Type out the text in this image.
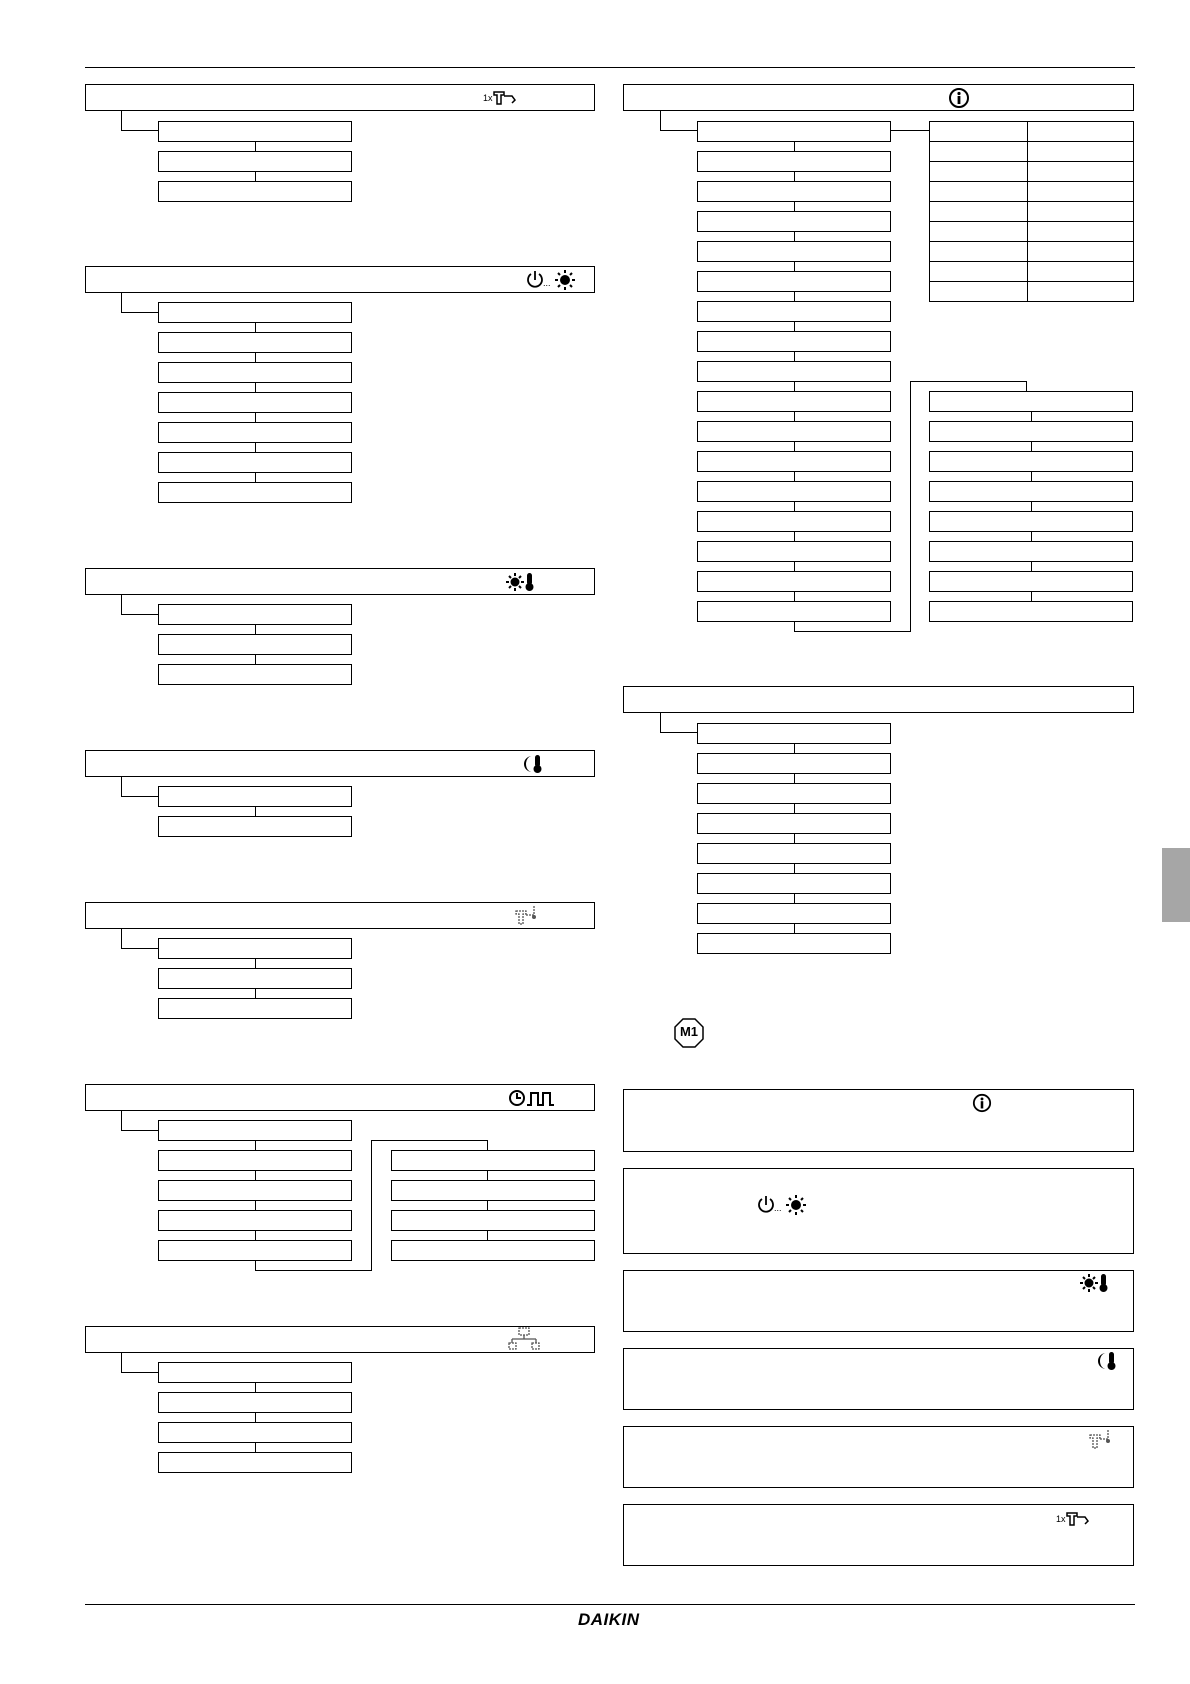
1x
...
M1
...
1x
DAIKIN
